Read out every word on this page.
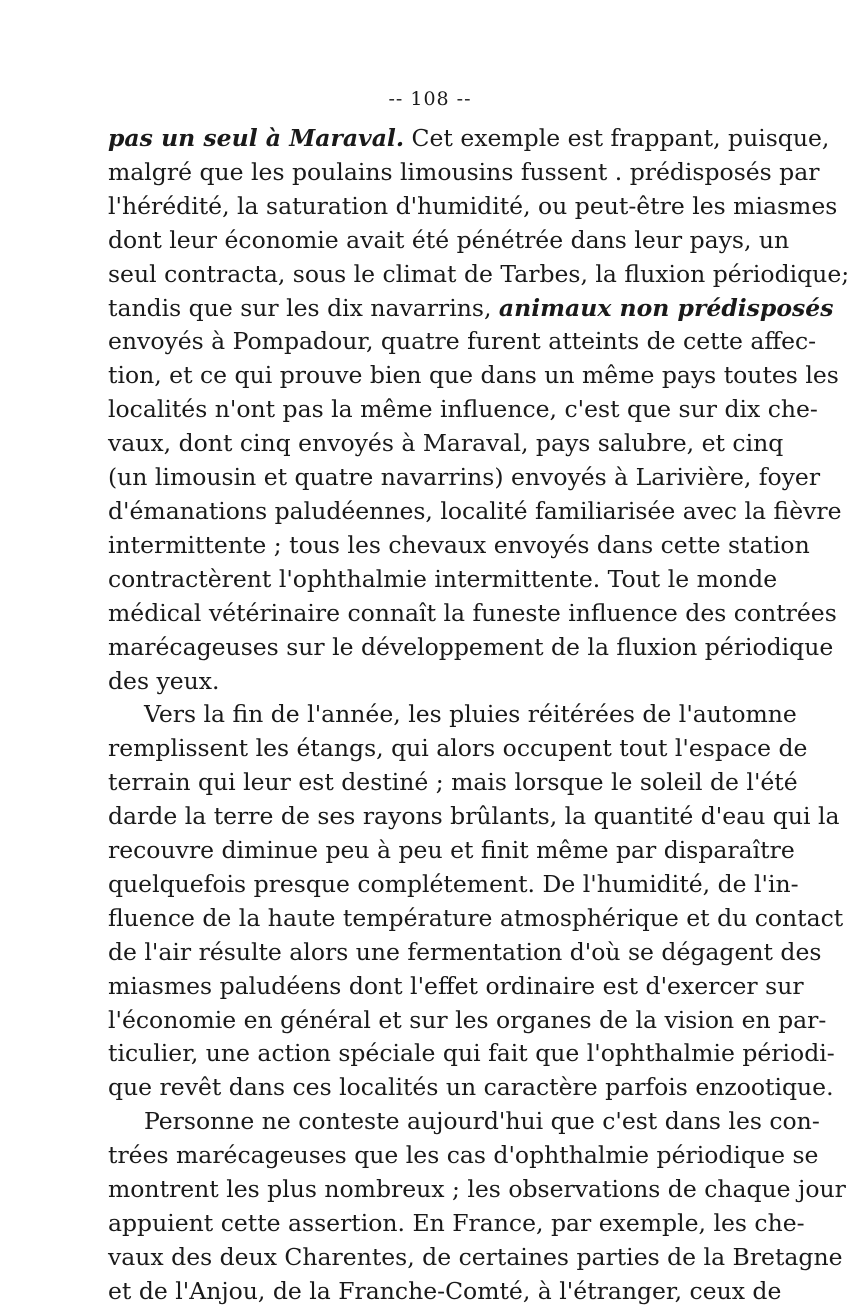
-- 108 --
pas un seul à Maraval. Cet exemple est frappant, puisque,
malgré que les poulains limousins fussent . prédisposés par
l'hérédité, la saturation d'humidité, ou peut-être les miasmes
dont leur économie avait été pénétrée dans leur pays, un
seul contracta, sous le climat de Tarbes, la fluxion périodique;
tandis que sur les dix navarrins, animaux non prédisposés
envoyés à Pompadour, quatre furent atteints de cette affec-
tion, et ce qui prouve bien que dans un même pays toutes les
localités n'ont pas la même influence, c'est que sur dix che-
vaux, dont cinq envoyés à Maraval, pays salubre, et cinq
(un limousin et quatre navarrins) envoyés à Larivière, foyer
d'émanations paludéennes, localité familiarisée avec la fièvre
intermittente ; tous les chevaux envoyés dans cette station
contractèrent l'ophthalmie intermittente. Tout le monde
médical vétérinaire connaît la funeste influence des contrées
marécageuses sur le développement de la fluxion périodique
des yeux.
Vers la fin de l'année, les pluies réitérées de l'automne
remplissent les étangs, qui alors occupent tout l'espace de
terrain qui leur est destiné ; mais lorsque le soleil de l'été
darde la terre de ses rayons brûlants, la quantité d'eau qui la
recouvre diminue peu à peu et finit même par disparaître
quelquefois presque complétement. De l'humidité, de l'in-
fluence de la haute température atmosphérique et du contact
de l'air résulte alors une fermentation d'où se dégagent des
miasmes paludéens dont l'effet ordinaire est d'exercer sur
l'économie en général et sur les organes de la vision en par-
ticulier, une action spéciale qui fait que l'ophthalmie périodi-
que revêt dans ces localités un caractère parfois enzootique.
Personne ne conteste aujourd'hui que c'est dans les con-
trées marécageuses que les cas d'ophthalmie périodique se
montrent les plus nombreux ; les observations de chaque jour
appuient cette assertion. En France, par exemple, les che-
vaux des deux Charentes, de certaines parties de la Bretagne
et de l'Anjou, de la Franche-Comté, à l'étranger, ceux de
